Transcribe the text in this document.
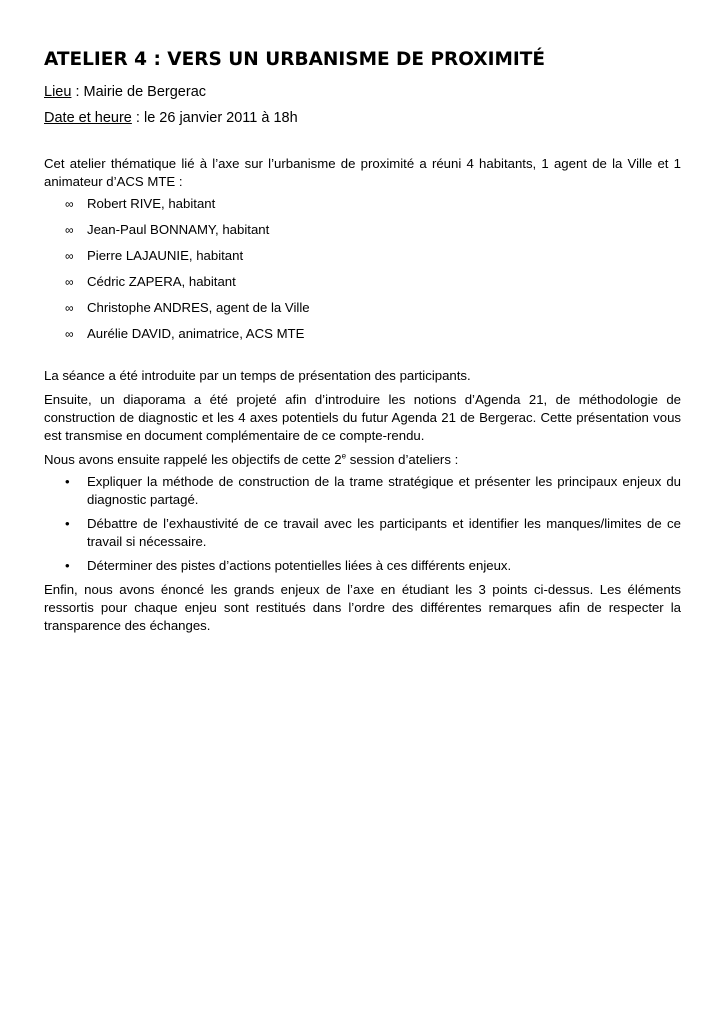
ATELIER 4 : VERS UN URBANISME DE PROXIMITÉ
Lieu : Mairie de Bergerac
Date et heure : le 26 janvier 2011 à 18h

Cet atelier thématique lié à l’axe sur l’urbanisme de proximité a réuni 4 habitants, 1 agent de la Ville et 1 animateur d’ACS MTE :

∞ Robert RIVE, habitant
∞ Jean-Paul BONNAMY, habitant
∞ Pierre LAJAUNIE, habitant
∞ Cédric ZAPERA, habitant
∞ Christophe ANDRES, agent de la Ville
∞ Aurélie DAVID, animatrice, ACS MTE

La séance a été introduite par un temps de présentation des participants.

Ensuite, un diaporama a été projeté afin d’introduire les notions d’Agenda 21, de méthodologie de construction de diagnostic et les 4 axes potentiels du futur Agenda 21 de Bergerac. Cette présentation vous est transmise en document complémentaire de ce compte-rendu.

Nous avons ensuite rappelé les objectifs de cette 2e session d’ateliers :

• Expliquer la méthode de construction de la trame stratégique et présenter les principaux enjeux du diagnostic partagé.
• Débattre de l’exhaustivité de ce travail avec les participants et identifier les manques/limites de ce travail si nécessaire.
• Déterminer des pistes d’actions potentielles liées à ces différents enjeux.

Enfin, nous avons énoncé les grands enjeux de l’axe en étudiant les 3 points ci-dessus. Les éléments ressortis pour chaque enjeu sont restitués dans l’ordre des différentes remarques afin de respecter la transparence des échanges.
